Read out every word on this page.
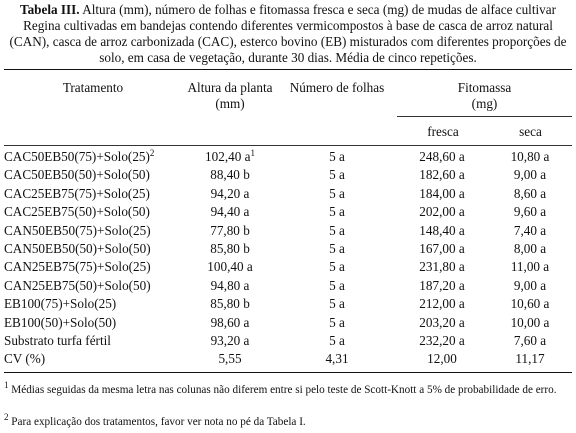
Tabela III. Altura (mm), número de folhas e fitomassa fresca e seca (mg) de mudas de alface cultivar Regina cultivadas em bandejas contendo diferentes vermicompostos à base de casca de arroz natural (CAN), casca de arroz carbonizada (CAC), esterco bovino (EB) misturados com diferentes proporções de solo, em casa de vegetação, durante 30 dias. Média de cinco repetições.
Tratamento	Altura da planta
(mm)
Número de folhas	Fitomassa
(mg)
fresca	seca
$CAC50EB50(75)+Solo(25)^2$	102,40 $a^1$	5 a	248,60 a	10,80 a
CAC50EB50(50)+Solo(50)	88,40 b	5 a	182,60 a	9,00 a
CAC25EB75(75)+Solo(25)	94,20 a	5 a	184,00 a	8,60 a
CAC25EB75(50)+Solo(50)	94,40 a	5 a	202,00 a	9,60 a
CAN50EB50(75)+Solo(25)	77,80 b	5 a	148,40 a	7,40 a
CAN50EB50(50)+Solo(50)	85,80 b	5 a	167,00 a	8,00 a
CAN25EB75(75)+Solo(25)	100,40 a	5 a	231,80 a	11,00 a
CAN25EB75(50)+Solo(50)	94,80 a	5 a	187,20 a	9,00 a
EB100(75)+Solo(25)	85,80 b	5 a	212,00 a	10,60 a
EB100(50)+Solo(50)	98,60 a	5 a	203,20 a	10,00 a
Substrato turfa fértil	93,20 a	5 a	232,20 a	7,60 a
CV (%)	5,55	4,31	12,00	11,17
$^1$ Médias seguidas da mesma letra nas colunas não diferem entre si pelo teste de Scott-Knott a 5% de probabilidade de erro.
$^2$ Para explicação dos tratamentos, favor ver nota no pé da Tabela I.
